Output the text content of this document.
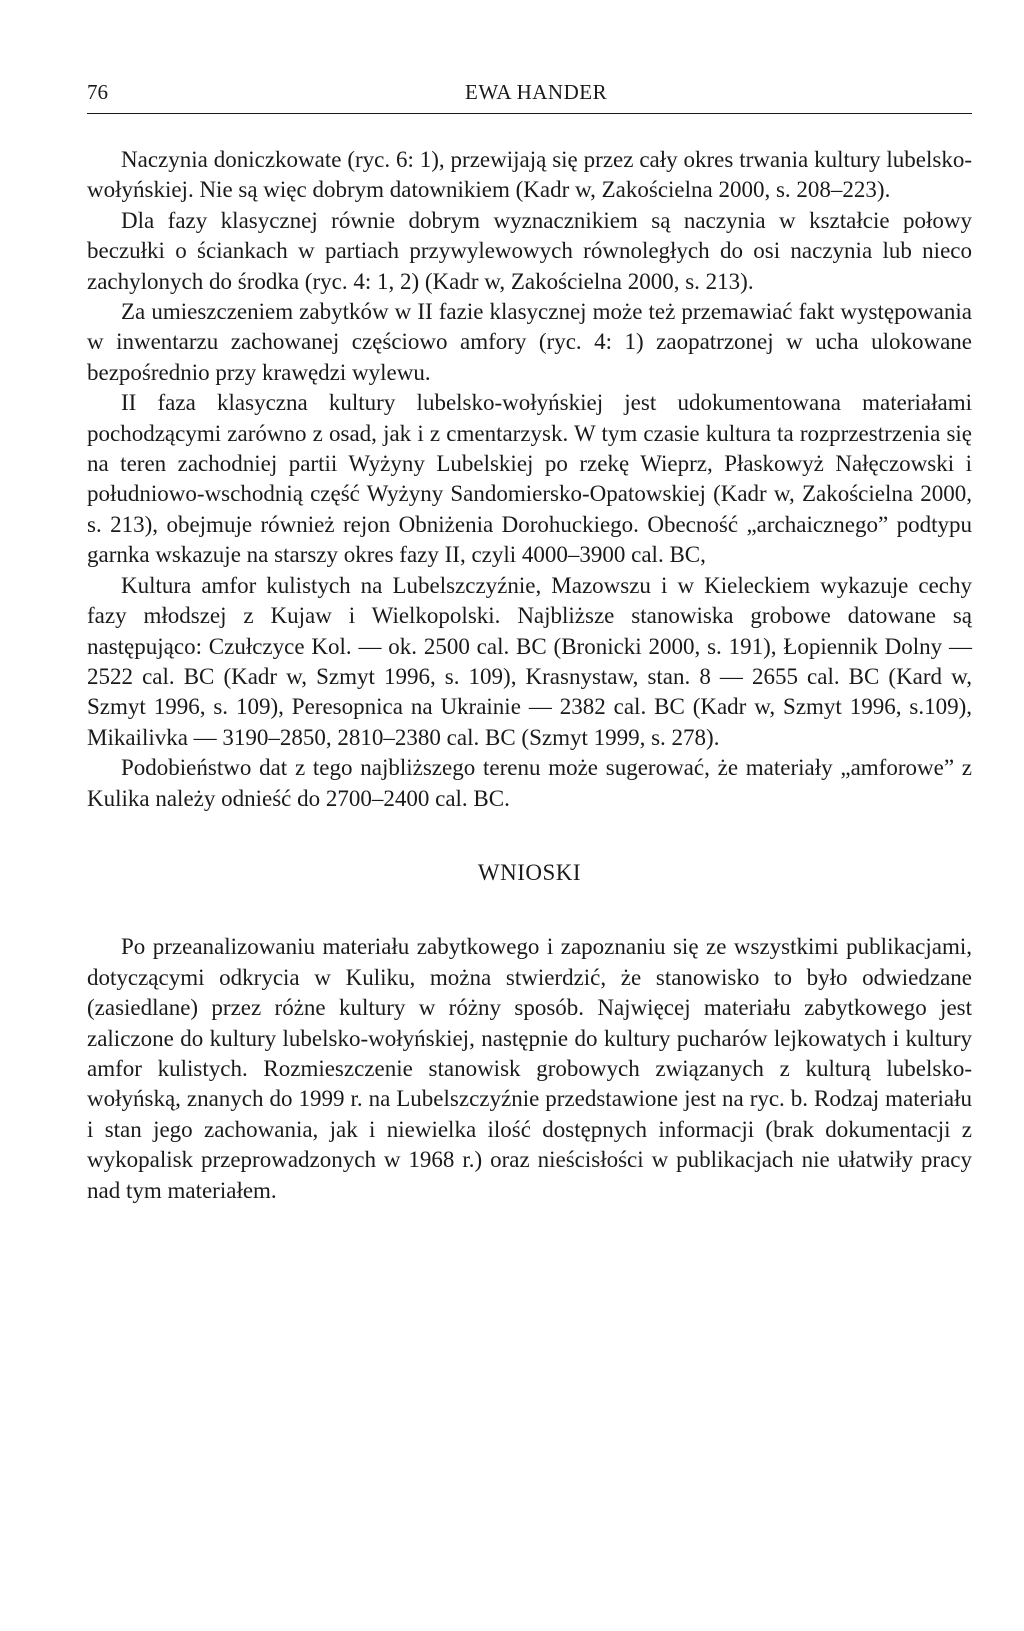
76	EWA HANDER

Naczynia doniczkowate (ryc. 6: 1), przewijają się przez cały okres trwania kultury lubelsko-wołyńskiej. Nie są więc dobrym datownikiem (Kadr w, Zakościelna 2000, s. 208–223).

Dla fazy klasycznej równie dobrym wyznacznikiem są naczynia w kształcie połowy beczułki o ściankach w partiach przywylewowych równoległych do osi naczynia lub nieco zachylonych do środka (ryc. 4: 1, 2) (Kadr w, Zakościelna 2000, s. 213).

Za umieszczeniem zabytków w II fazie klasycznej może też przemawiać fakt występowania w inwentarzu zachowanej częściowo amfory (ryc. 4: 1) zaopatrzonej w ucha ulokowane bezpośrednio przy krawędzi wylewu.

II faza klasyczna kultury lubelsko-wołyńskiej jest udokumentowana materiałami pochodzącymi zarówno z osad, jak i z cmentarzysk. W tym czasie kultura ta rozprzestrzenia się na teren zachodniej partii Wyżyny Lubelskiej po rzekę Wieprz, Płaskowyż Nałęczowski i południowo-wschodnią część Wyżyny Sandomiersko-Opatowskiej (Kadr w, Zakościelna 2000, s. 213), obejmuje również rejon Obniżenia Dorohuckiego. Obecność „archaicznego” podtypu garnka wskazuje na starszy okres fazy II, czyli 4000–3900 cal. BC,

Kultura amfor kulistych na Lubelszczyźnie, Mazowszu i w Kieleckiem wykazuje cechy fazy młodszej z Kujaw i Wielkopolski. Najbliższe stanowiska grobowe datowane są następująco: Czułczyce Kol. — ok. 2500 cal. BC (Bronicki 2000, s. 191), Łopiennik Dolny — 2522 cal. BC (Kadr w, Szmyt 1996, s. 109), Krasnystaw, stan. 8 — 2655 cal. BC (Kard w, Szmyt 1996, s. 109), Peresopnica na Ukrainie — 2382 cal. BC (Kadr w, Szmyt 1996, s.109), Mikailivka — 3190–2850, 2810–2380 cal. BC (Szmyt 1999, s. 278).

Podobieństwo dat z tego najbliższego terenu może sugerować, że materiały „amforowe” z Kulika należy odnieść do 2700–2400 cal. BC.

WNIOSKI

Po przeanalizowaniu materiału zabytkowego i zapoznaniu się ze wszystkimi publikacjami, dotyczącymi odkrycia w Kuliku, można stwierdzić, że stanowisko to było odwiedzane (zasiedlane) przez różne kultury w różny sposób. Najwięcej materiału zabytkowego jest zaliczone do kultury lubelsko-wołyńskiej, następnie do kultury pucharów lejkowatych i kultury amfor kulistych. Rozmieszczenie stanowisk grobowych związanych z kulturą lubelsko-wołyńską, znanych do 1999 r. na Lubelszczyźnie przedstawione jest na ryc. b. Rodzaj materiału i stan jego zachowania, jak i niewielka ilość dostępnych informacji (brak dokumentacji z wykopalisk przeprowadzonych w 1968 r.) oraz nieścisłości w publikacjach nie ułatwiły pracy nad tym materiałem.
